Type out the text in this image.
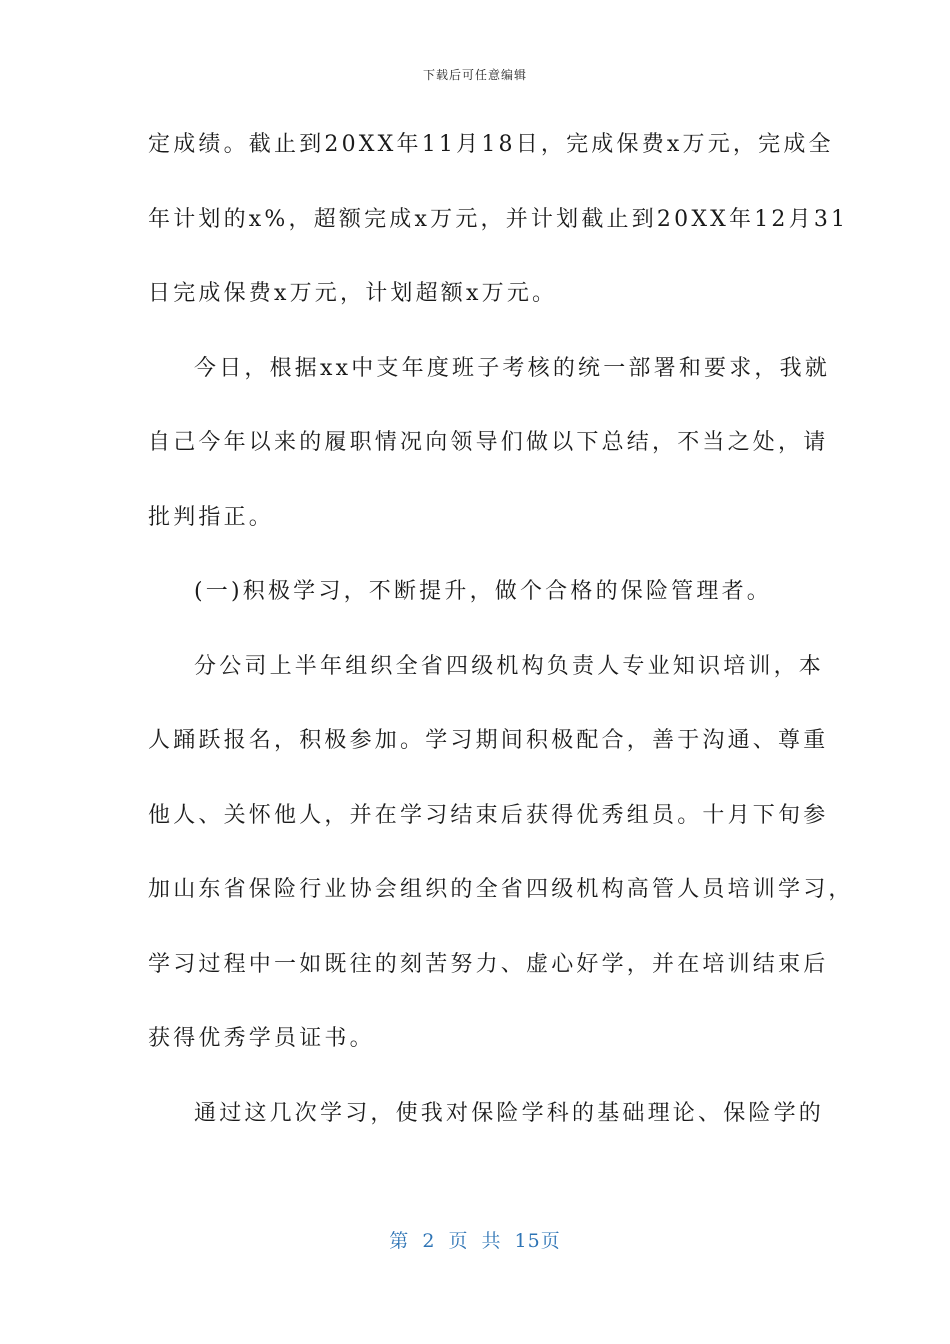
下载后可任意编辑
定成绩。截止到20XX年11月18日，完成保费x万元，完成全
年计划的x%，超额完成x万元，并计划截止到20XX年12月31
日完成保费x万元，计划超额x万元。
今日，根据xx中支年度班子考核的统一部署和要求，我就
自己今年以来的履职情况向领导们做以下总结，不当之处，请
批判指正。
(一)积极学习，不断提升，做个合格的保险管理者。
分公司上半年组织全省四级机构负责人专业知识培训，本
人踊跃报名，积极参加。学习期间积极配合，善于沟通、尊重
他人、关怀他人，并在学习结束后获得优秀组员。十月下旬参
加山东省保险行业协会组织的全省四级机构高管人员培训学习，
学习过程中一如既往的刻苦努力、虚心好学，并在培训结束后
获得优秀学员证书。
通过这几次学习，使我对保险学科的基础理论、保险学的
第 2 页 共 15页
